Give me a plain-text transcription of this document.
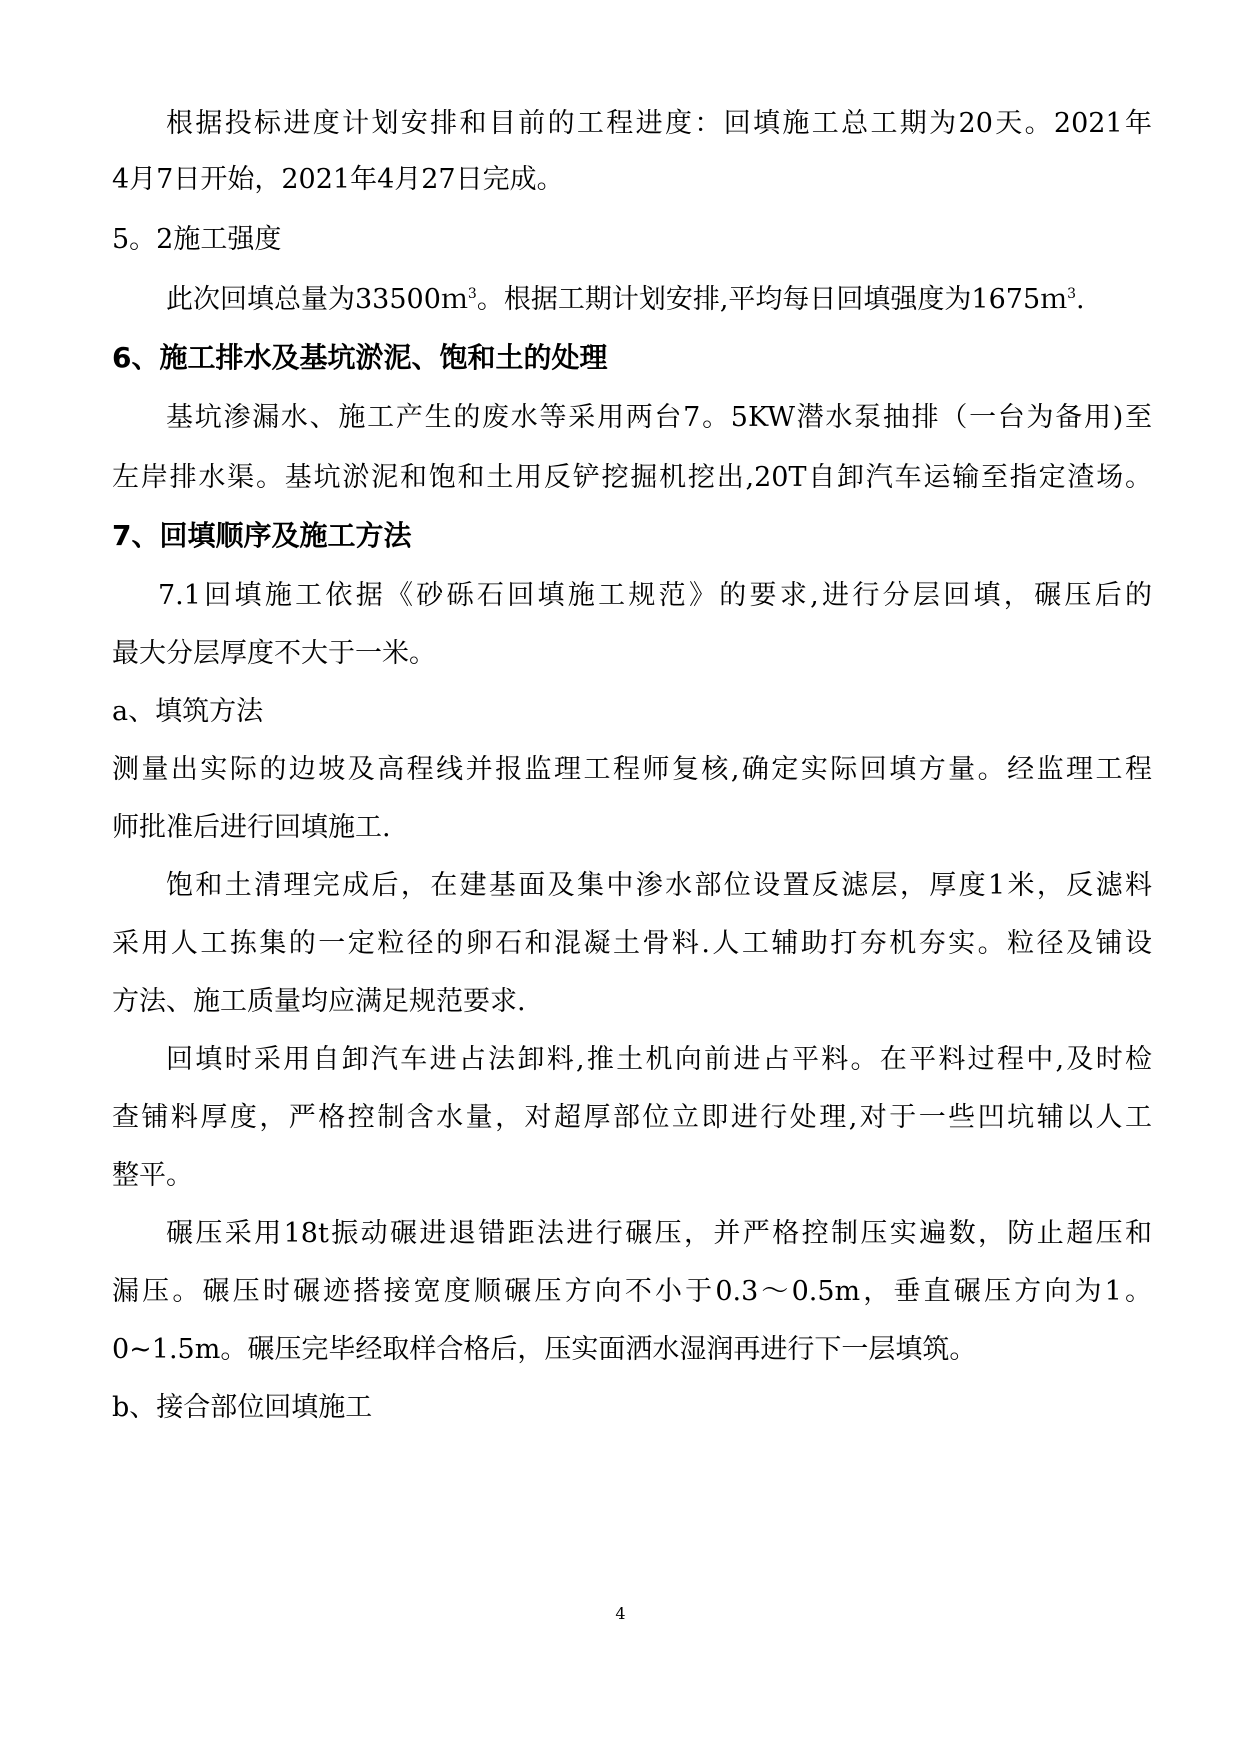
根据投标进度计划安排和目前的工程进度：回填施工总工期为20天。2021年
4月7日开始，2021年4月27日完成。
5。2施工强度
此次回填总量为33500ｍ$^3$。根据工期计划安排,平均每日回填强度为1675ｍ$^3$.
6、施工排水及基坑淤泥、饱和土的处理
基坑渗漏水、施工产生的废水等采用两台7。5KW潜水泵抽排（一台为备用)至
左岸排水渠。基坑淤泥和饱和土用反铲挖掘机挖出,20T自卸汽车运输至指定渣场。
7、回填顺序及施工方法
7.1回填施工依据《砂砾石回填施工规范》的要求,进行分层回填，碾压后的
最大分层厚度不大于一米。
a、填筑方法
测量出实际的边坡及高程线并报监理工程师复核,确定实际回填方量。经监理工程
师批准后进行回填施工.
饱和土清理完成后，在建基面及集中渗水部位设置反滤层，厚度1米，反滤料
采用人工拣集的一定粒径的卵石和混凝土骨料.人工辅助打夯机夯实。粒径及铺设
方法、施工质量均应满足规范要求.
回填时采用自卸汽车进占法卸料,推土机向前进占平料。在平料过程中,及时检
查铺料厚度，严格控制含水量，对超厚部位立即进行处理,对于一些凹坑辅以人工
整平。
碾压采用18t振动碾进退错距法进行碾压，并严格控制压实遍数，防止超压和
漏压。碾压时碾迹搭接宽度顺碾压方向不小于0.3～0.5m，垂直碾压方向为1。
0~1.5m。碾压完毕经取样合格后，压实面洒水湿润再进行下一层填筑。
b、接合部位回填施工
4
